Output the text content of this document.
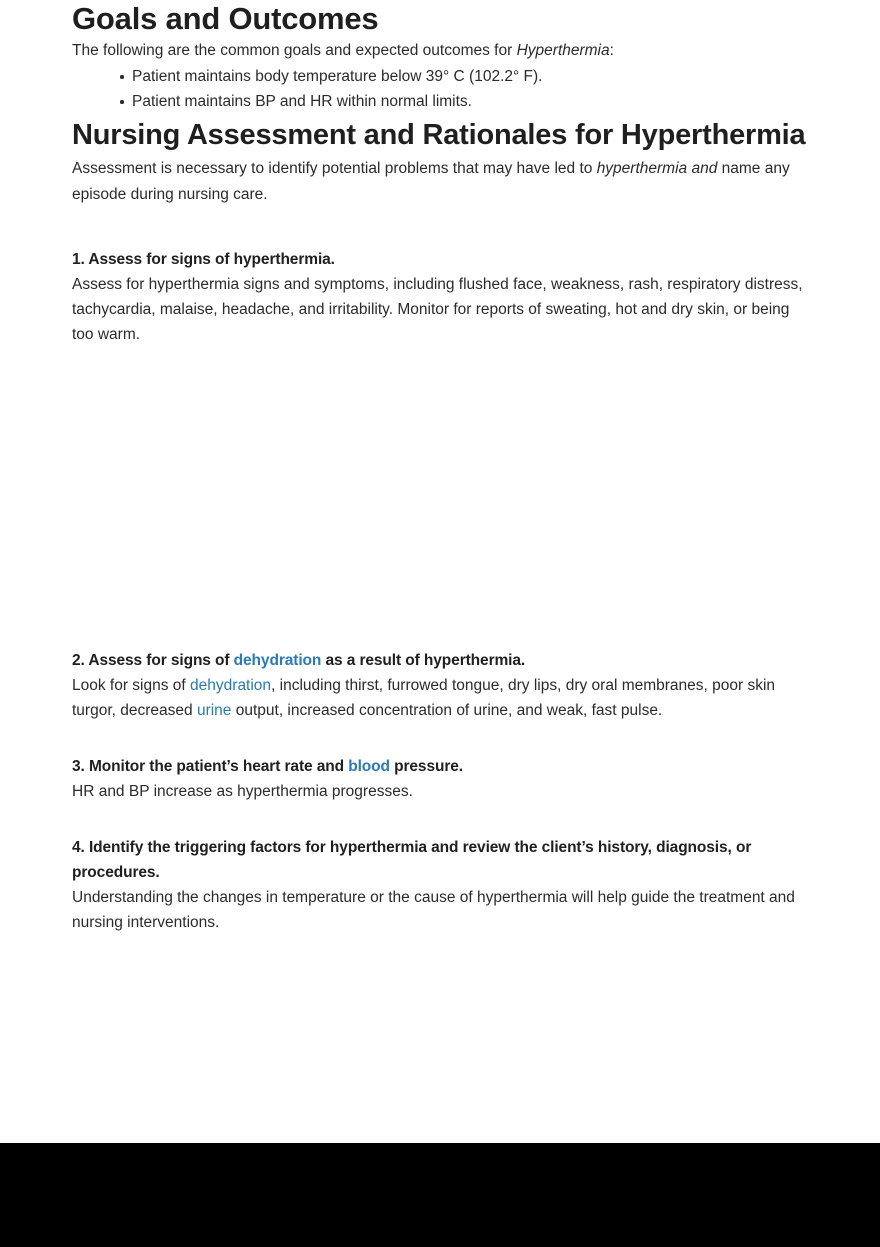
Goals and Outcomes

The following are the common goals and expected outcomes for Hyperthermia:

Patient maintains body temperature below 39° C (102.2° F).
Patient maintains BP and HR within normal limits.
Nursing Assessment and Rationales for Hyperthermia

Assessment is necessary to identify potential problems that may have led to hyperthermia and name any episode during nursing care.

1. Assess for signs of hyperthermia.
Assess for hyperthermia signs and symptoms, including flushed face, weakness, rash, respiratory distress, tachycardia, malaise, headache, and irritability. Monitor for reports of sweating, hot and dry skin, or being too warm.
2. Assess for signs of dehydration as a result of hyperthermia.
Look for signs of dehydration, including thirst, furrowed tongue, dry lips, dry oral membranes, poor skin turgor, decreased urine output, increased concentration of urine, and weak, fast pulse.
3. Monitor the patient’s heart rate and blood pressure.
HR and BP increase as hyperthermia progresses.
4. Identify the triggering factors for hyperthermia and review the client’s history, diagnosis, or procedures.
Understanding the changes in temperature or the cause of hyperthermia will help guide the treatment and nursing interventions.
